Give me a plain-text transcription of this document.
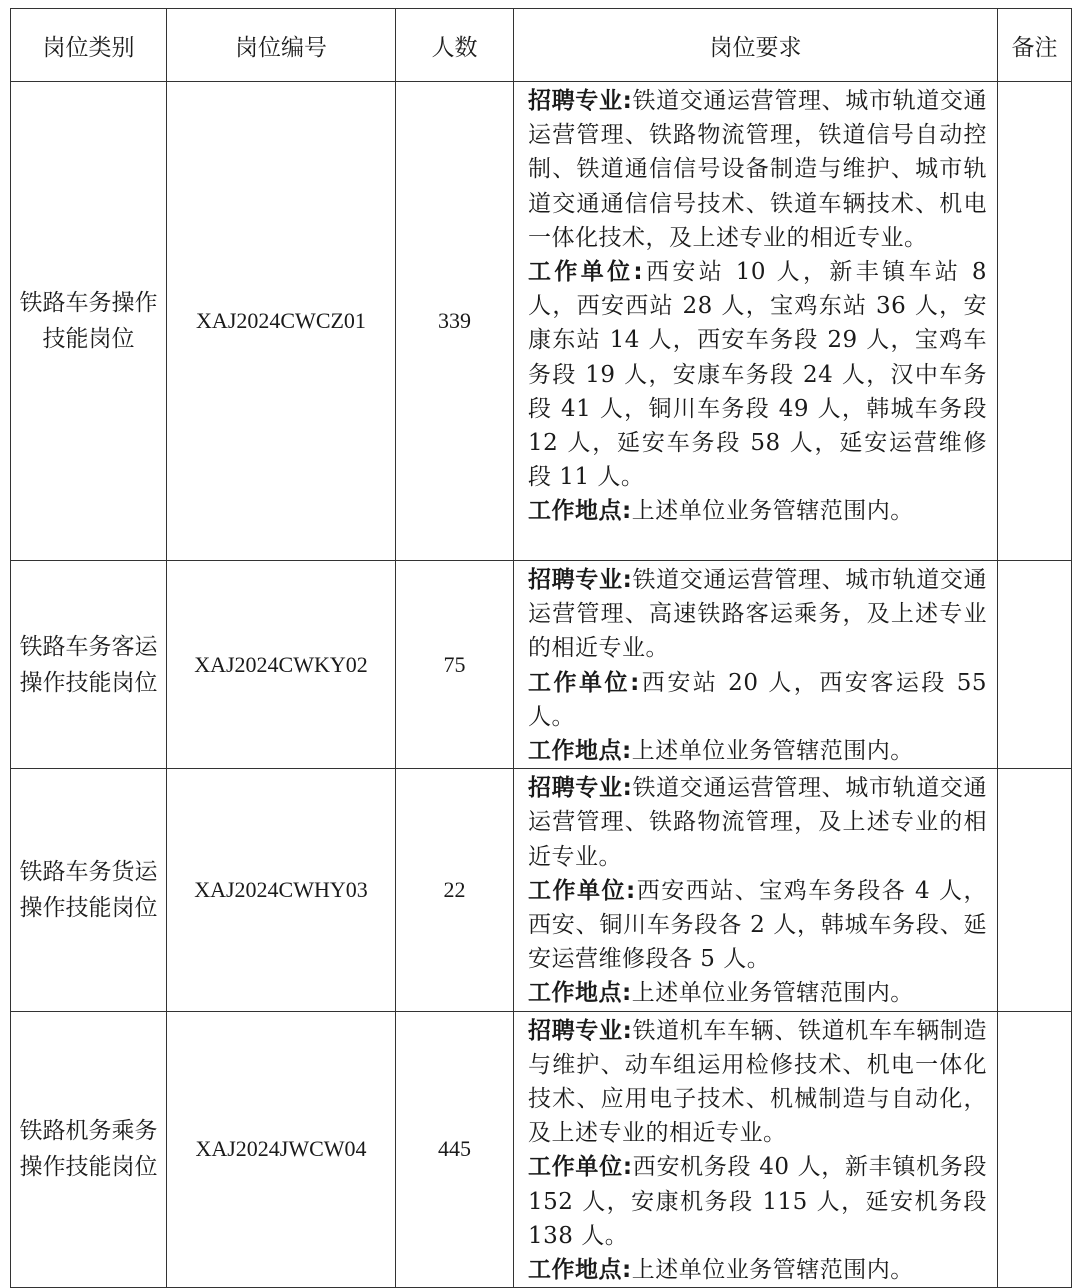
岗位类别	岗位编号	人数	岗位要求	备注
铁路车务操作技能岗位	XAJ2024CWCZ01	339	招聘专业:铁道交通运营管理、城市轨道交通运营管理、铁路物流管理，铁道信号自动控制、铁道通信信号设备制造与维护、城市轨道交通通信信号技术、铁道车辆技术、机电一体化技术，及上述专业的相近专业。
工作单位:西安站 10 人，新丰镇车站 8 人，西安西站 28 人，宝鸡东站 36 人，安康东站 14 人，西安车务段 29 人，宝鸡车务段 19 人，安康车务段 24 人，汉中车务段 41 人，铜川车务段 49 人，韩城车务段 12 人，延安车务段 58 人，延安运营维修段 11 人。
工作地点:上述单位业务管辖范围内。	

铁路车务客运操作技能岗位	XAJ2024CWKY02	75	招聘专业:铁道交通运营管理、城市轨道交通运营管理、高速铁路客运乘务，及上述专业的相近专业。
工作单位:西安站 20 人，西安客运段 55 人。
工作地点:上述单位业务管辖范围内。	

铁路车务货运操作技能岗位	XAJ2024CWHY03	22	招聘专业:铁道交通运营管理、城市轨道交通运营管理、铁路物流管理，及上述专业的相近专业。
工作单位:西安西站、宝鸡车务段各 4 人，西安、铜川车务段各 2 人，韩城车务段、延安运营维修段各 5 人。
工作地点:上述单位业务管辖范围内。	

铁路机务乘务操作技能岗位	XAJ2024JWCW04	445	招聘专业:铁道机车车辆、铁道机车车辆制造与维护、动车组运用检修技术、机电一体化技术、应用电子技术、机械制造与自动化，及上述专业的相近专业。
工作单位:西安机务段 40 人，新丰镇机务段 152 人，安康机务段 115 人，延安机务段 138 人。
工作地点:上述单位业务管辖范围内。	
